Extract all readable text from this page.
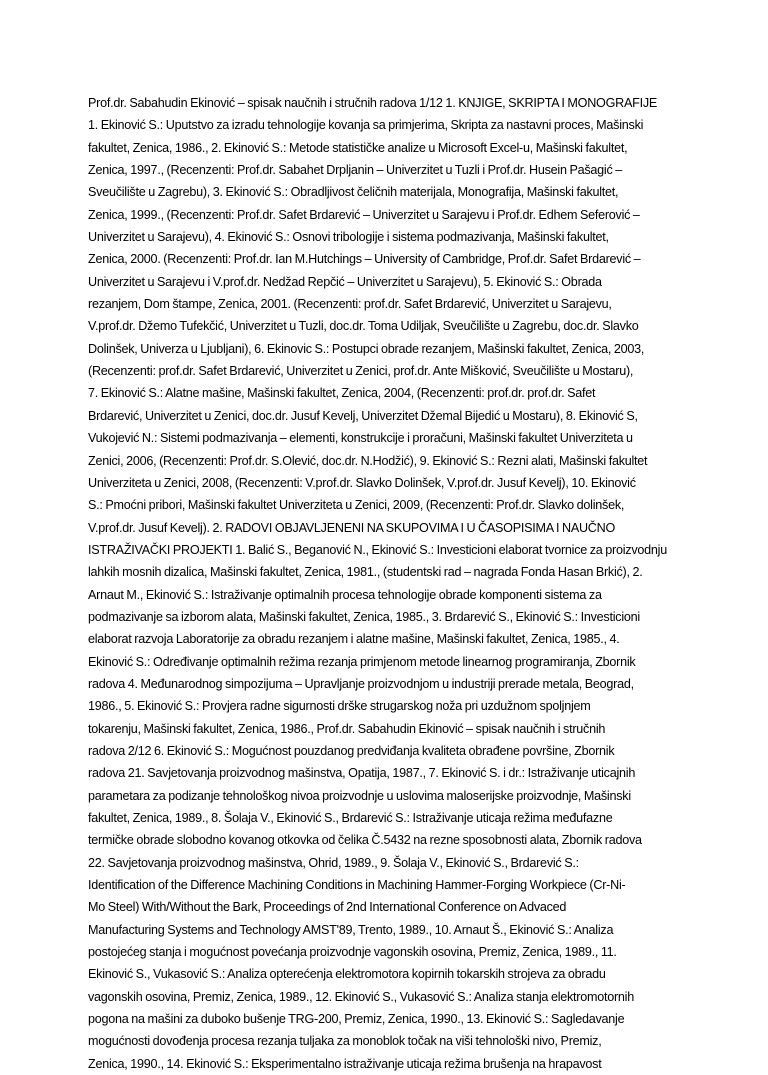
Prof.dr. Sabahudin Ekinović – spisak naučnih i stručnih radova 1/12 1. KNJIGE, SKRIPTA I MONOGRAFIJE
1. Ekinović S.: Uputstvo za izradu tehnologije kovanja sa primjerima, Skripta za nastavni proces, Mašinski
fakultet, Zenica, 1986., 2. Ekinović S.: Metode statističke analize u Microsoft Excel-u, Mašinski fakultet,
Zenica, 1997., (Recenzenti: Prof.dr. Sabahet Drpljanin – Univerzitet u Tuzli i Prof.dr. Husein Pašagić –
Sveučilište u Zagrebu), 3. Ekinović S.: Obradljivost čeličnih materijala, Monografija, Mašinski fakultet,
Zenica, 1999., (Recenzenti: Prof.dr. Safet Brdarević – Univerzitet u Sarajevu i Prof.dr. Edhem Seferović –
Univerzitet u Sarajevu), 4. Ekinović S.: Osnovi tribologije i sistema podmazivanja, Mašinski fakultet,
Zenica, 2000. (Recenzenti: Prof.dr. Ian M.Hutchings – University of Cambridge, Prof.dr. Safet Brdarević –
Univerzitet u Sarajevu i V.prof.dr. Nedžad Repčić – Univerzitet u Sarajevu), 5. Ekinović S.: Obrada
rezanjem, Dom štampe, Zenica, 2001. (Recenzenti: prof.dr. Safet Brdarević, Univerzitet u Sarajevu,
V.prof.dr. Džemo Tufekčić, Univerzitet u Tuzli, doc.dr. Toma Udiljak, Sveučilište u Zagrebu, doc.dr. Slavko
Dolinšek, Univerza u Ljubljani), 6. Ekinovic S.: Postupci obrade rezanjem, Mašinski fakultet, Zenica, 2003,
(Recenzenti: prof.dr. Safet Brdarević, Univerzitet u Zenici, prof.dr. Ante Mišković, Sveučilište u Mostaru),
7. Ekinović S.: Alatne mašine, Mašinski fakultet, Zenica, 2004, (Recenzenti: prof.dr. prof.dr. Safet
Brdarević, Univerzitet u Zenici, doc.dr. Jusuf Kevelj, Univerzitet Džemal Bijedić u Mostaru), 8. Ekinović S,
Vukojević N.: Sistemi podmazivanja – elementi, konstrukcije i proračuni, Mašinski fakultet Univerziteta u
Zenici, 2006, (Recenzenti: Prof.dr. S.Olević, doc.dr. N.Hodžić), 9. Ekinović S.: Rezni alati, Mašinski fakultet
Univerziteta u Zenici, 2008, (Recenzenti: V.prof.dr. Slavko Dolinšek, V.prof.dr. Jusuf Kevelj), 10. Ekinović
S.: Pmoćni pribori, Mašinski fakultet Univerziteta u Zenici, 2009, (Recenzenti: Prof.dr. Slavko dolinšek,
V.prof.dr. Jusuf Kevelj). 2. RADOVI OBJAVLJENENI NA SKUPOVIMA I U ČASOPISIMA I NAUČNO
ISTRAŽIVAČKI PROJEKTI 1. Balić S., Beganović N., Ekinović S.: Investicioni elaborat tvornice za proizvodnju
lahkih mosnih dizalica, Mašinski fakultet, Zenica, 1981., (studentski rad – nagrada Fonda Hasan Brkić), 2.
Arnaut M., Ekinović S.: Istraživanje optimalnih procesa tehnologije obrade komponenti sistema za
podmazivanje sa izborom alata, Mašinski fakultet, Zenica, 1985., 3. Brdarević S., Ekinović S.: Investicioni
elaborat razvoja Laboratorije za obradu rezanjem i alatne mašine, Mašinski fakultet, Zenica, 1985., 4.
Ekinović S.: Određivanje optimalnih režima rezanja primjenom metode linearnog programiranja, Zbornik
radova 4. Međunarodnog simpozijuma – Upravljanje proizvodnjom u industriji prerade metala, Beograd,
1986., 5. Ekinović S.: Provjera radne sigurnosti drške strugarskog noža pri uzdužnom spoljnjem
tokarenju, Mašinski fakultet, Zenica, 1986., Prof.dr. Sabahudin Ekinović – spisak naučnih i stručnih
radova 2/12 6. Ekinović S.: Mogućnost pouzdanog predviđanja kvaliteta obrađene površine, Zbornik
radova 21. Savjetovanja proizvodnog mašinstva, Opatija, 1987., 7. Ekinović S. i dr.: Istraživanje uticajnih
parametara za podizanje tehnološkog nivoa proizvodnje u uslovima maloserijske proizvodnje, Mašinski
fakultet, Zenica, 1989., 8. Šolaja V., Ekinović S., Brdarević S.: Istraživanje uticaja režima međufazne
termičke obrade slobodno kovanog otkovka od čelika Č.5432 na rezne sposobnosti alata, Zbornik radova
22. Savjetovanja proizvodnog mašinstva, Ohrid, 1989., 9. Šolaja V., Ekinović S., Brdarević S.:
Identification of the Difference Machining Conditions in Machining Hammer-Forging Workpiece (Cr-Ni-
Mo Steel) With/Without the Bark, Proceedings of 2nd International Conference on Advaced
Manufacturing Systems and Technology AMST'89, Trento, 1989., 10. Arnaut Š., Ekinović S.: Analiza
postojećeg stanja i mogućnost povećanja proizvodnje vagonskih osovina, Premiz, Zenica, 1989., 11.
Ekinović S., Vukasović S.: Analiza opterećenja elektromotora kopirnih tokarskih strojeva za obradu
vagonskih osovina, Premiz, Zenica, 1989., 12. Ekinović S., Vukasović S.: Analiza stanja elektromotornih
pogona na mašini za duboko bušenje TRG-200, Premiz, Zenica, 1990., 13. Ekinović S.: Sagledavanje
mogućnosti dovođenja procesa rezanja tuljaka za monoblok točak na viši tehnološki nivo, Premiz,
Zenica, 1990., 14. Ekinović S.: Eksperimentalno istraživanje uticaja režima brušenja na hrapavost
